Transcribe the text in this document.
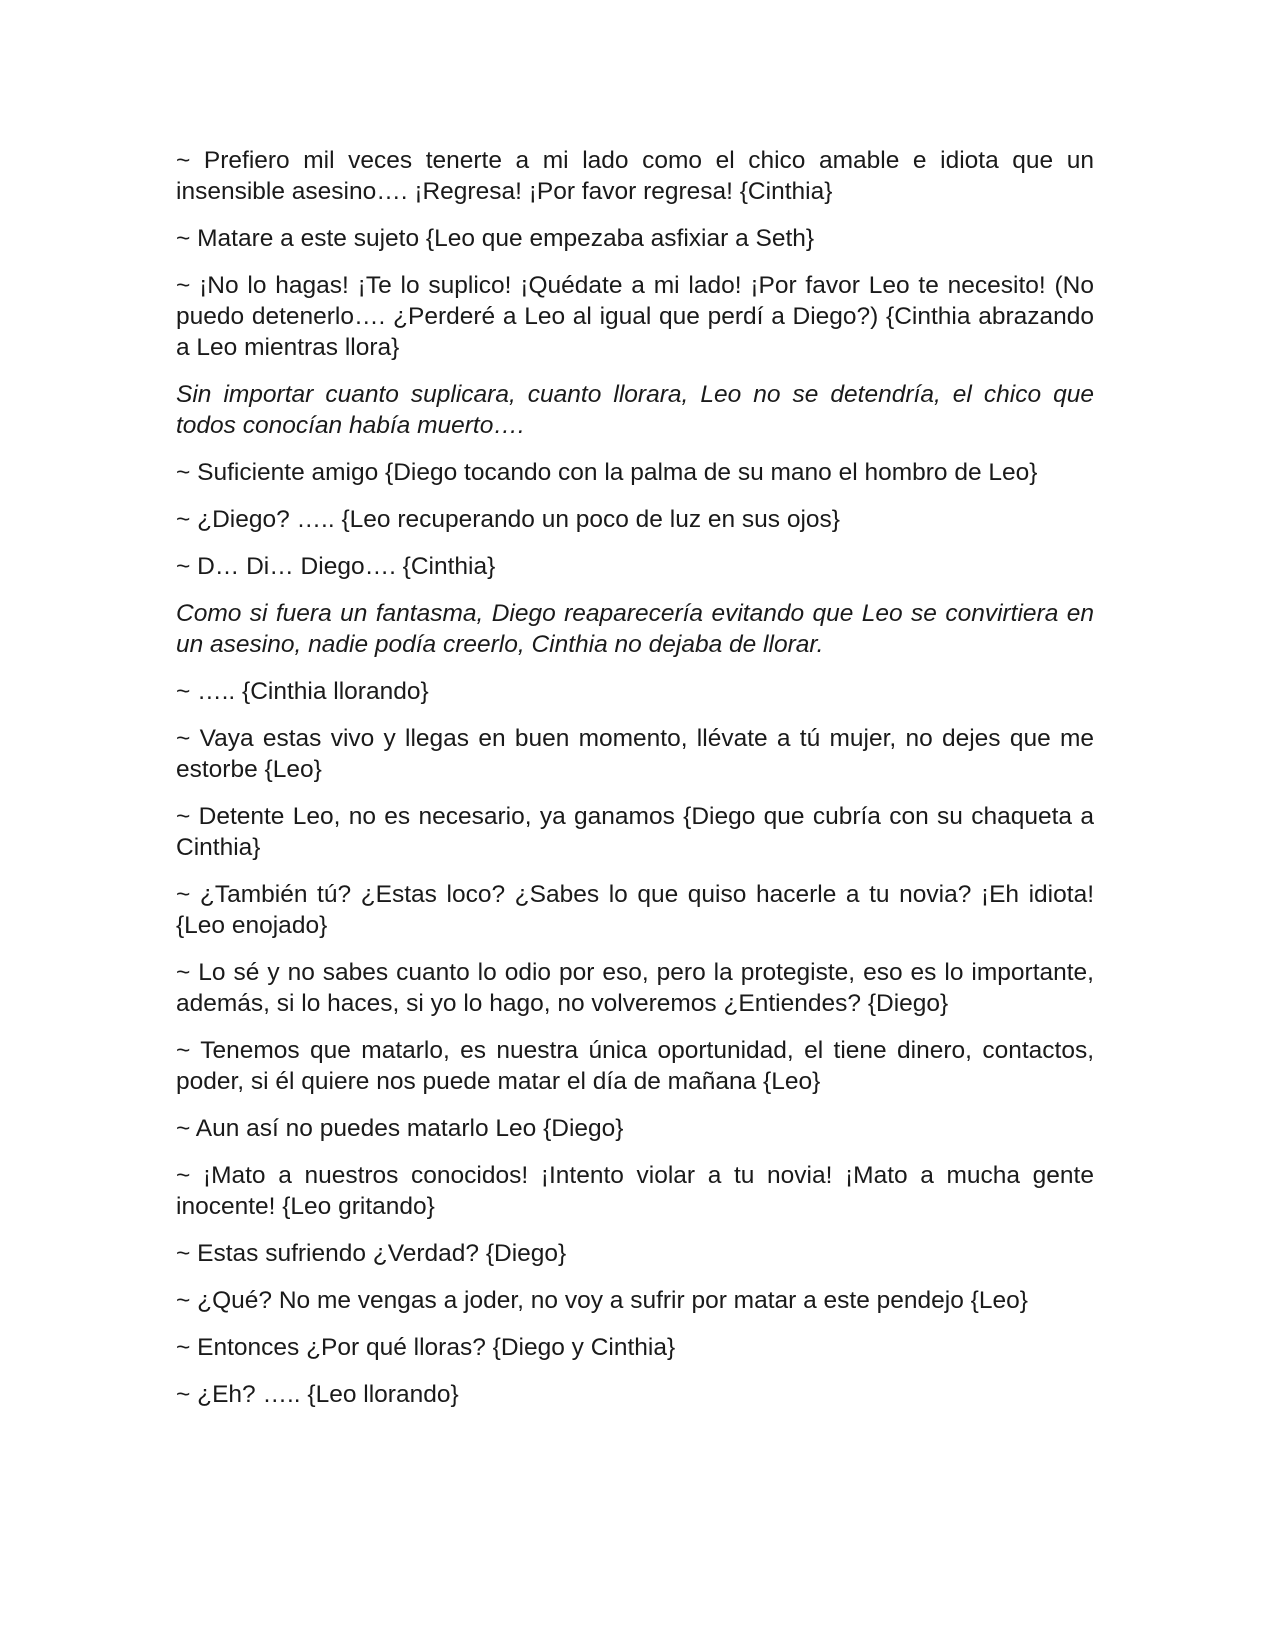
~ Prefiero mil veces tenerte a mi lado como el chico amable e idiota que un insensible asesino…. ¡Regresa! ¡Por favor regresa! {Cinthia}

~ Matare a este sujeto {Leo que empezaba asfixiar a Seth}

~ ¡No lo hagas! ¡Te lo suplico! ¡Quédate a mi lado! ¡Por favor Leo te necesito! (No puedo detenerlo…. ¿Perderé a Leo al igual que perdí a Diego?) {Cinthia abrazando a Leo mientras llora}

Sin importar cuanto suplicara, cuanto llorara, Leo no se detendría, el chico que todos conocían había muerto….

~ Suficiente amigo {Diego tocando con la palma de su mano el hombro de Leo}

~ ¿Diego? ….. {Leo recuperando un poco de luz en sus ojos}

~ D… Di… Diego…. {Cinthia}

Como si fuera un fantasma, Diego reaparecería evitando que Leo se convirtiera en un asesino, nadie podía creerlo, Cinthia no dejaba de llorar.

~ ….. {Cinthia llorando}

~ Vaya estas vivo y llegas en buen momento, llévate a tú mujer, no dejes que me estorbe {Leo}

~ Detente Leo, no es necesario, ya ganamos {Diego que cubría con su chaqueta a Cinthia}

~ ¿También tú? ¿Estas loco? ¿Sabes lo que quiso hacerle a tu novia? ¡Eh idiota! {Leo enojado}

~ Lo sé y no sabes cuanto lo odio por eso, pero la protegiste, eso es lo importante, además, si lo haces, si yo lo hago, no volveremos ¿Entiendes? {Diego}

~ Tenemos que matarlo, es nuestra única oportunidad, el tiene dinero, contactos, poder, si él quiere nos puede matar el día de mañana {Leo}

~ Aun así no puedes matarlo Leo {Diego}

~ ¡Mato a nuestros conocidos! ¡Intento violar a tu novia! ¡Mato a mucha gente inocente! {Leo gritando}

~ Estas sufriendo ¿Verdad? {Diego}

~ ¿Qué? No me vengas a joder, no voy a sufrir por matar a este pendejo {Leo}

~ Entonces ¿Por qué lloras? {Diego y Cinthia}

~ ¿Eh? ….. {Leo llorando}
